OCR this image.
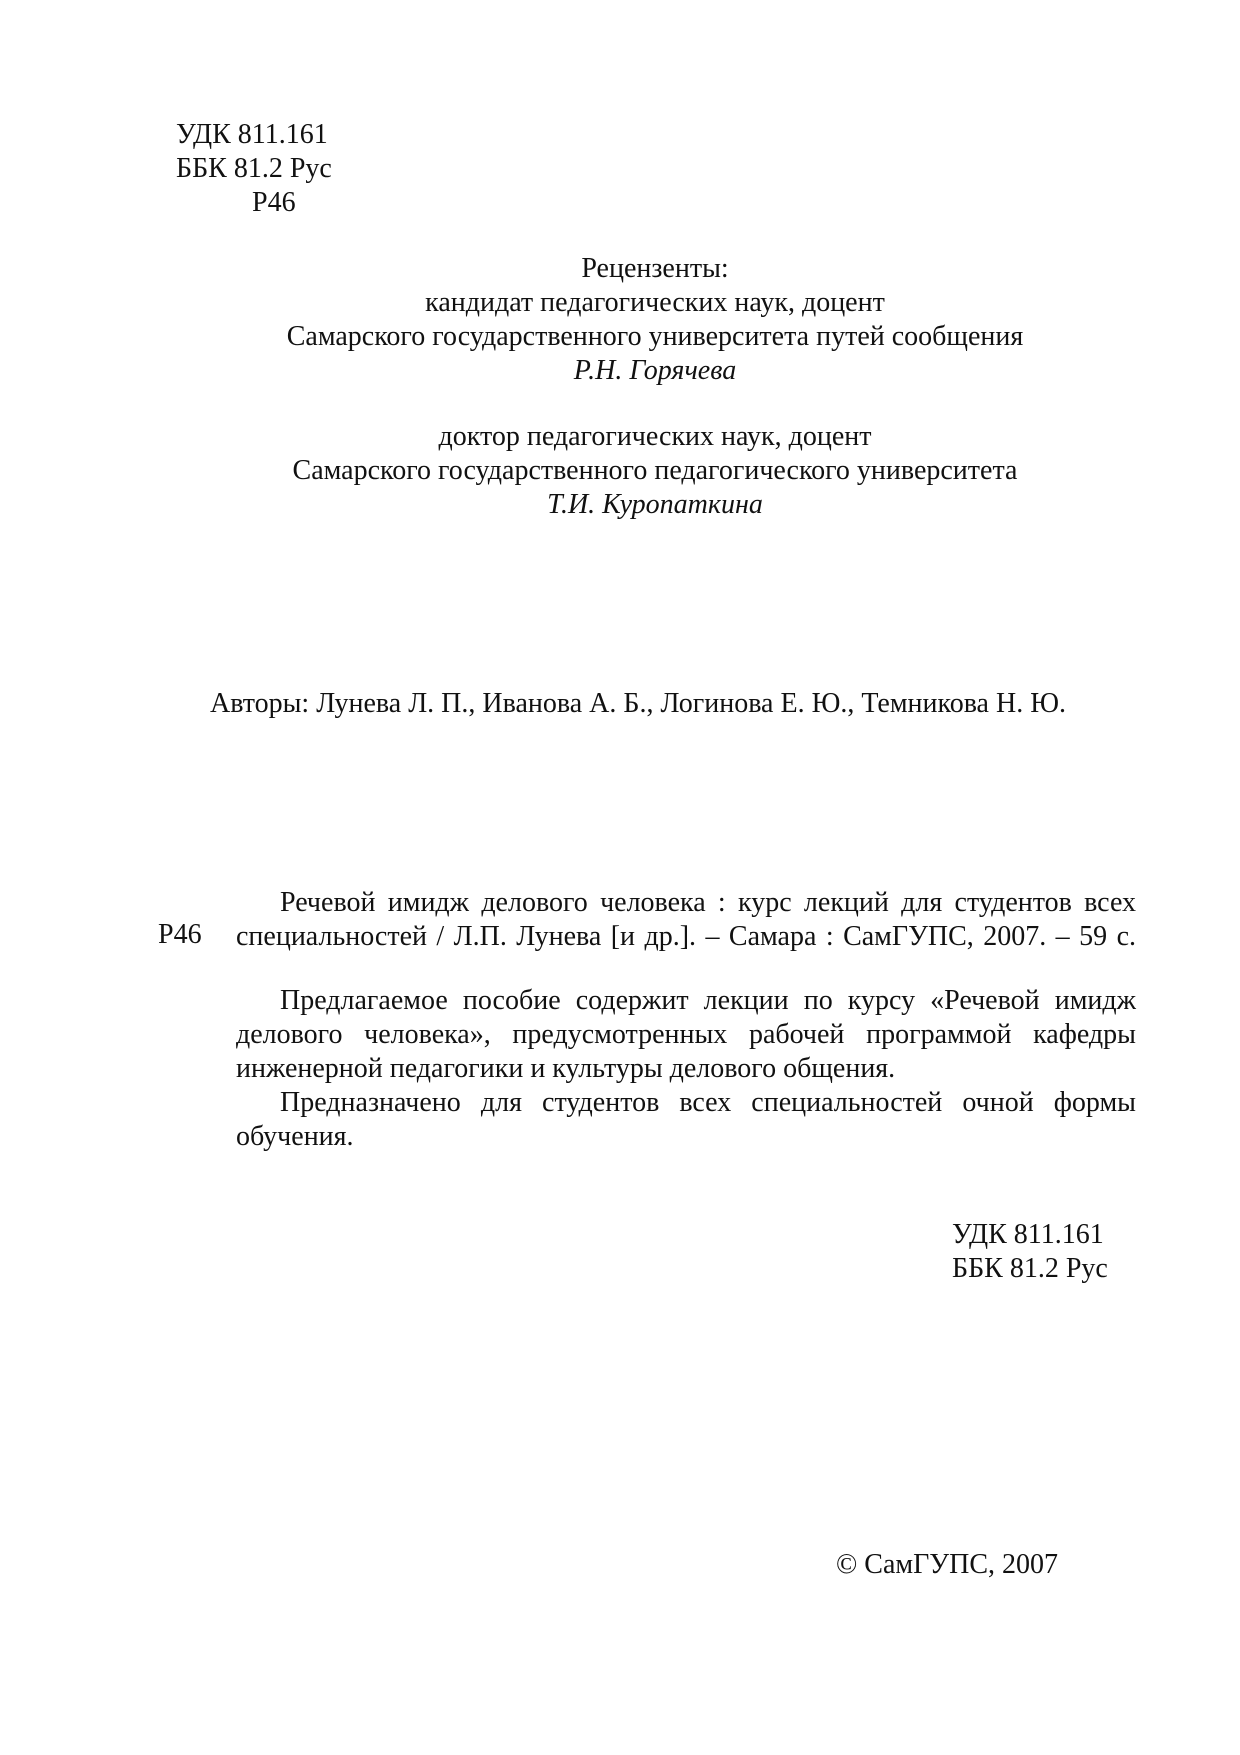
УДК 811.161
ББК 81.2 Рус
Р46
Рецензенты:
кандидат педагогических наук, доцент
Самарского государственного университета путей сообщения
Р.Н. Горячева
доктор педагогических наук, доцент
Самарского государственного педагогического университета
Т.И. Куропаткина
Авторы: Лунева Л. П., Иванова А. Б., Логинова Е. Ю., Темникова Н. Ю.
Р46
Речевой имидж делового человека : курс лекций для студентов всех
специальностей / Л.П. Лунева [и др.]. – Самара : СамГУПС, 2007. – 59 с.
Предлагаемое пособие содержит лекции по курсу «Речевой имидж
делового человека», предусмотренных рабочей программой кафедры
инженерной педагогики и культуры делового общения.
Предназначено для студентов всех специальностей очной формы
обучения.
УДК 811.161
ББК 81.2 Рус
© СамГУПС, 2007
